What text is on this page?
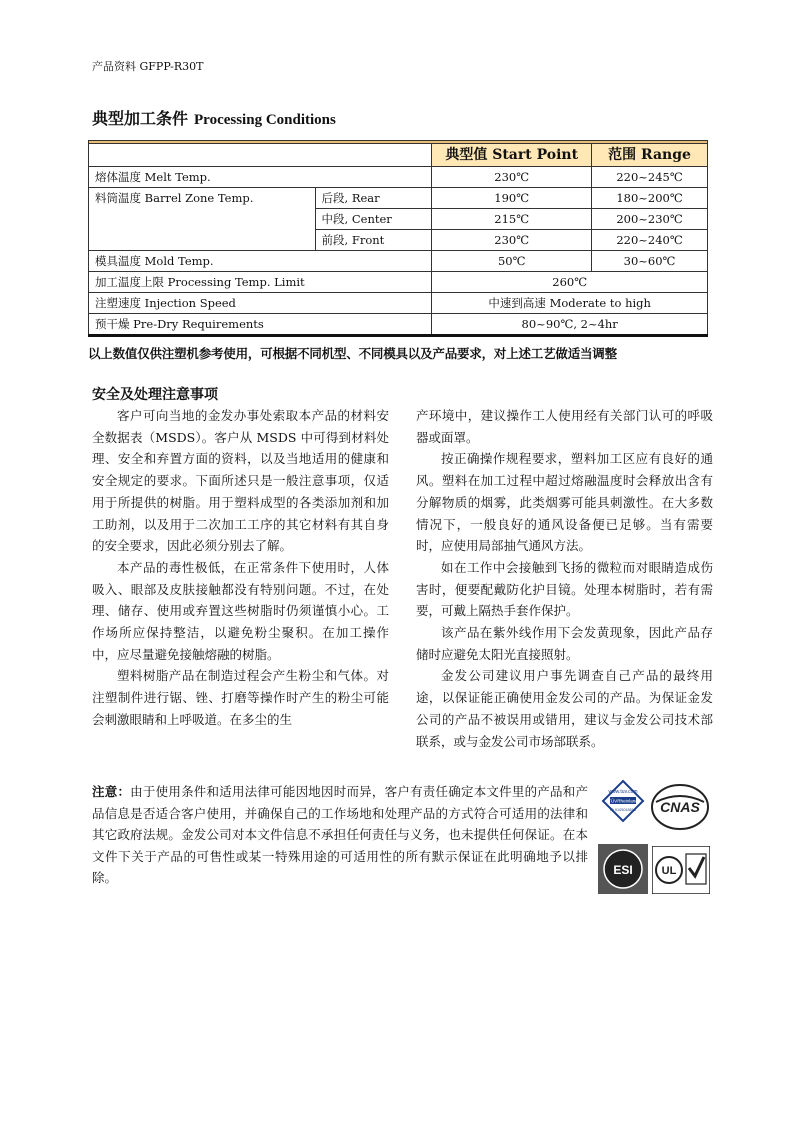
产品资料 GFPP-R30T
典型加工条件 Processing Conditions

		典型值 Start Point	范围 Range
熔体温度 Melt Temp.		230℃	220~245℃
料筒温度 Barrel Zone Temp.	后段, Rear	190℃	180~200℃
	中段, Center	215℃	200~230℃
	前段, Front	230℃	220~240℃
模具温度 Mold Temp.		50℃	30~60℃
加工温度上限 Processing Temp. Limit		260℃	
注塑速度 Injection Speed		中速到高速 Moderate to high	
预干燥 Pre-Dry Requirements		80~90℃, 2~4hr	
以上数值仅供注塑机参考使用，可根据不同机型、不同模具以及产品要求，对上述工艺做适当调整
安全及处理注意事项

客户可向当地的金发办事处索取本产品的材料安全数据表（MSDS）。客户从 MSDS 中可得到材料处理、安全和弃置方面的资料，以及当地适用的健康和安全规定的要求。下面所述只是一般注意事项，仅适用于所提供的树脂。用于塑料成型的各类添加剂和加工助剂，以及用于二次加工工序的其它材料有其自身的安全要求，因此必须分别去了解。

本产品的毒性极低，在正常条件下使用时，人体吸入、眼部及皮肤接触都没有特别问题。不过，在处理、储存、使用或弃置这些树脂时仍须谨慎小心。工作场所应保持整洁，以避免粉尘聚积。在加工操作中，应尽量避免接触熔融的树脂。

塑料树脂产品在制造过程会产生粉尘和气体。对注塑制件进行锯、锉、打磨等操作时产生的粉尘可能会刺激眼睛和上呼吸道。在多尘的生

产环境中，建议操作工人使用经有关部门认可的呼吸器或面罩。

按正确操作规程要求，塑料加工区应有良好的通风。塑料在加工过程中超过熔融温度时会释放出含有分解物质的烟雾，此类烟雾可能具刺激性。在大多数情况下，一般良好的通风设备便已足够。当有需要时，应使用局部抽气通风方法。

如在工作中会接触到飞扬的微粒而对眼睛造成伤害时，便要配戴防化护目镜。处理本树脂时，若有需要，可戴上隔热手套作保护。

该产品在紫外线作用下会发黄现象，因此产品存储时应避免太阳光直接照射。

金发公司建议用户事先调查自己产品的最终用途，以保证能正确使用金发公司的产品。为保证金发公司的产品不被误用或错用，建议与金发公司技术部联系，或与金发公司市场部联系。

注意：由于使用条件和适用法律可能因地因时而异，客户有责任确定本文件里的产品和产品信息是否适合客户使用，并确保自己的工作场地和处理产品的方式符合可适用的法律和其它政府法规。金发公司对本文件信息不承担任何责任与义务，也未提供任何保证。在本文件下关于产品的可售性或某一特殊用途的可适用性的所有默示保证在此明确地予以排除。
www.tuv.com
TÜVRheinland
ID 9105018518 CNAS
ESI	UL
